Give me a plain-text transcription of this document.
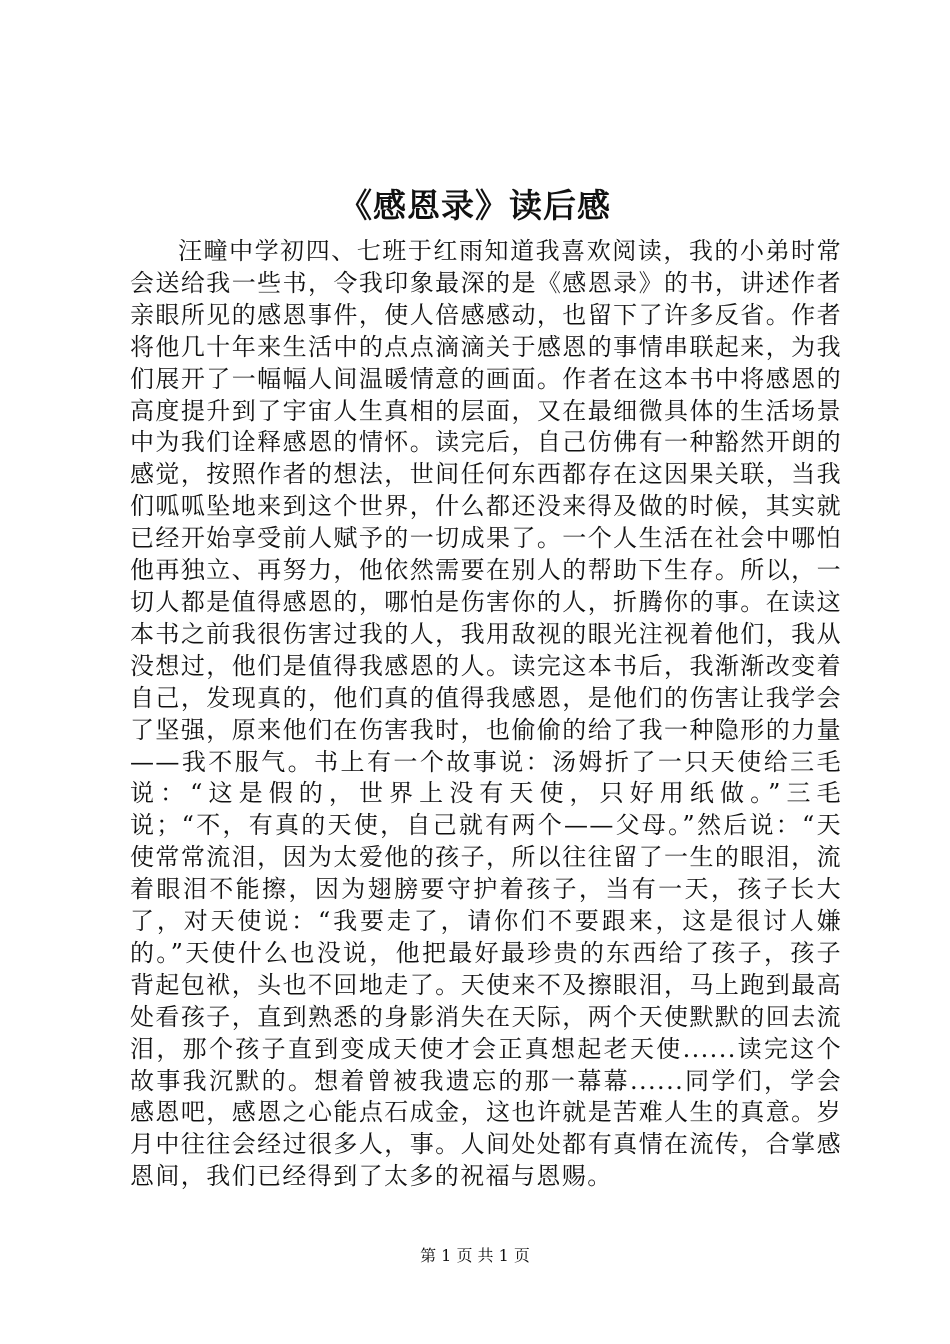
《感恩录》读后感

汪疃中学初四、七班于红雨知道我喜欢阅读，我的小弟时常会送给我一些书，令我印象最深的是《感恩录》的书，讲述作者亲眼所见的感恩事件，使人倍感感动，也留下了许多反省。作者将他几十年来生活中的点点滴滴关于感恩的事情串联起来，为我们展开了一幅幅人间温暖情意的画面。作者在这本书中将感恩的高度提升到了宇宙人生真相的层面，又在最细微具体的生活场景中为我们诠释感恩的情怀。读完后，自己仿佛有一种豁然开朗的感觉，按照作者的想法，世间任何东西都存在这因果关联，当我们呱呱坠地来到这个世界，什么都还没来得及做的时候，其实就已经开始享受前人赋予的一切成果了。一个人生活在社会中哪怕他再独立、再努力，他依然需要在别人的帮助下生存。所以，一切人都是值得感恩的，哪怕是伤害你的人，折腾你的事。在读这本书之前我很伤害过我的人，我用敌视的眼光注视着他们，我从没想过，他们是值得我感恩的人。读完这本书后，我渐渐改变着自己，发现真的，他们真的值得我感恩，是他们的伤害让我学会了坚强，原来他们在伤害我时，也偷偷的给了我一种隐形的力量——我不服气。书上有一个故事说：汤姆折了一只天使给三毛说：“这是假的，世界上没有天使，只好用纸做。”三毛说；“不，有真的天使，自己就有两个——父母。”然后说：“天使常常流泪，因为太爱他的孩子，所以往往留了一生的眼泪，流着眼泪不能擦，因为翅膀要守护着孩子，当有一天，孩子长大了，对天使说：“我要走了，请你们不要跟来，这是很讨人嫌的。”天使什么也没说，他把最好最珍贵的东西给了孩子，孩子背起包袱，头也不回地走了。天使来不及擦眼泪，马上跑到最高处看孩子，直到熟悉的身影消失在天际，两个天使默默的回去流泪，那个孩子直到变成天使才会正真想起老天使......读完这个故事我沉默的。想着曾被我遗忘的那一幕幕......同学们，学会感恩吧，感恩之心能点石成金，这也许就是苦难人生的真意。岁月中往往会经过很多人，事。人间处处都有真情在流传，合掌感恩间，我们已经得到了太多的祝福与恩赐。

第 1 页 共 1 页
